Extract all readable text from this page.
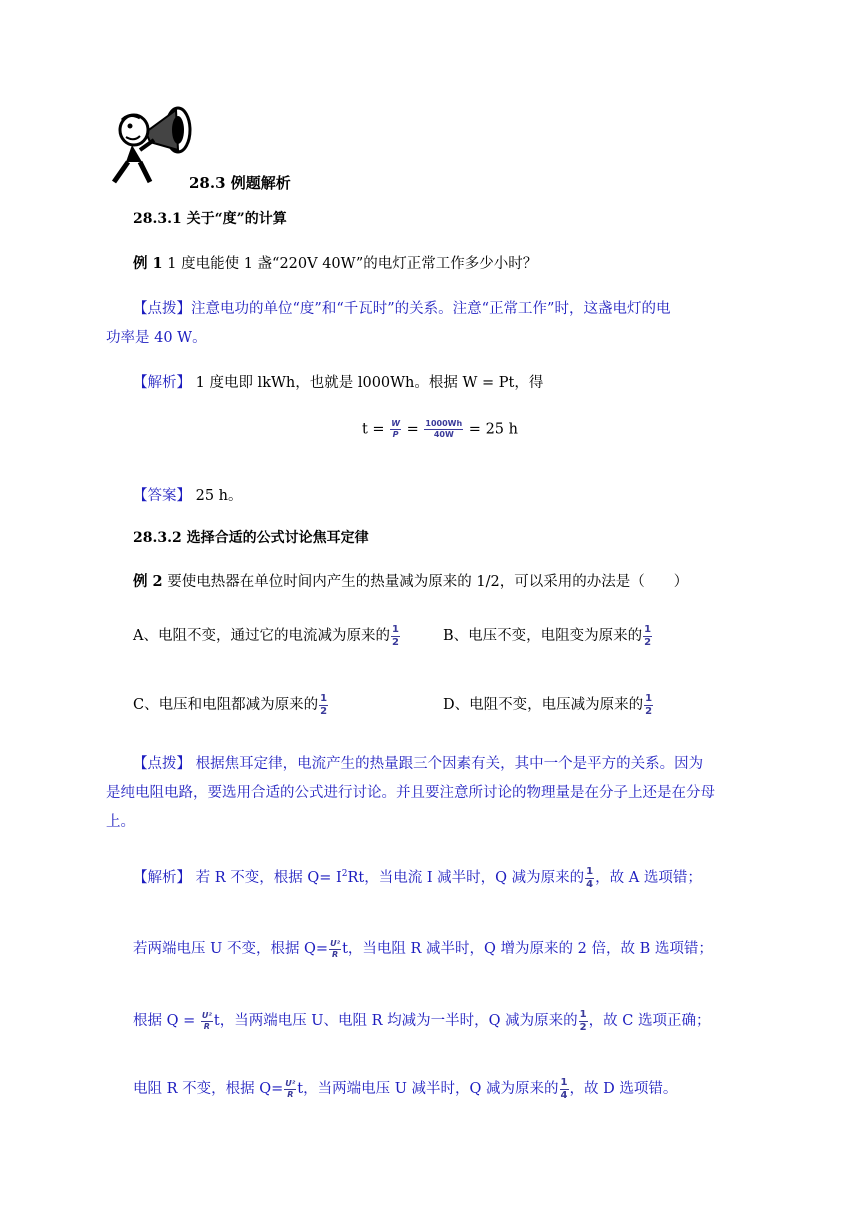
28.3 例题解析
28.3.1 关于“度”的计算
例 1 1 度电能使 1 盏“220V 40W”的电灯正常工作多少小时？
【点拨】注意电功的单位“度”和“千瓦时”的关系。注意“正常工作”时，这盏电灯的电
功率是 40 W。
【解析】 1 度电即 lkWh，也就是 l000Wh。根据 W = Pt，得
$t = \frac{W}{P} = \frac{1000Wh}{40W} = 25$ h
【答案】 25 h。
28.3.2 选择合适的公式讨论焦耳定律
例 2 要使电热器在单位时间内产生的热量减为原来的 1/2，可以采用的办法是（　　）
A、电阻不变，通过它的电流减为原来的 $\frac{1}{2}$	B、电压不变，电阻变为原来的 $\frac{1}{2}$
C、电压和电阻都减为原来的 $\frac{1}{2}$	D、电阻不变，电压减为原来的 $\frac{1}{2}$
【点拨】 根据焦耳定律，电流产生的热量跟三个因素有关，其中一个是平方的关系。因为
是纯电阻电路，要选用合适的公式进行讨论。并且要注意所讨论的物理量是在分子上还是在分母
上。
【解析】 若 R 不变，根据 $Q= I^2Rt$，当电流 I 减半时，Q 减为原来的 $\frac{1}{4}$ ，故 A 选项错；
若两端电压 U 不变，根据 $Q= \frac{\text{U²}}{R}$ t，当电阻 R 减半时，Q 增为原来的 2 倍，故 B 选项错；
根据 $Q = \frac{\text{U²}}{R}$ t，当两端电压 U、电阻 R 均减为一半时，Q 减为原来的 $\frac{1}{2}$ ，故 C 选项正确；
电阻 R 不变，根据 $Q= \frac{\text{U²}}{R}$ t，当两端电压 U 减半时，Q 减为原来的 $\frac{1}{4}$ ，故 D 选项错。
